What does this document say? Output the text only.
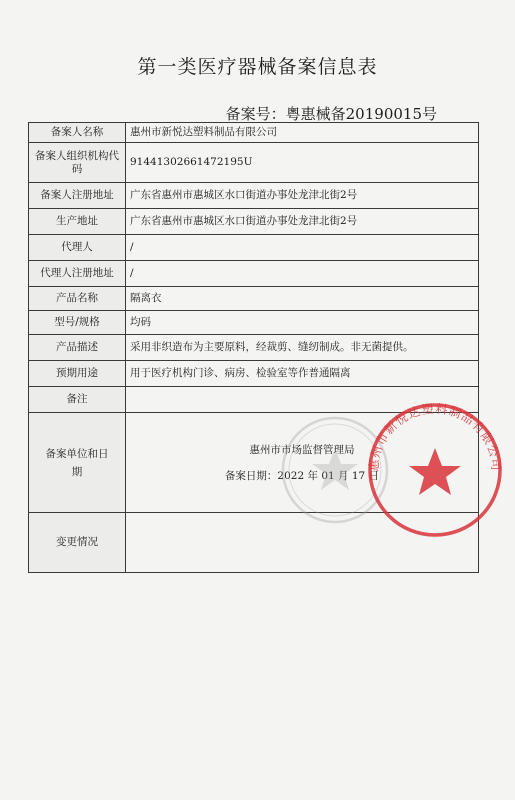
第一类医疗器械备案信息表
备案号：粤惠械备20190015号
备案人名称	惠州市新悦达塑料制品有限公司
备案人组织机构代码	91441302661472195U
备案人注册地址	广东省惠州市惠城区水口街道办事处龙津北街2号
生产地址	广东省惠州市惠城区水口街道办事处龙津北街2号
代理人	/
代理人注册地址	/
产品名称	隔离衣
型号/规格	均码
产品描述	采用非织造布为主要原料，经裁剪、缝纫制成。非无菌提供。
预期用途	用于医疗机构门诊、病房、检验室等作普通隔离
备注	
备案单位和日期	惠州市市场监督管理局
备案日期：2022 年 01 月 17 日

变更情况	
惠州市新悦达塑料制品有限公司
